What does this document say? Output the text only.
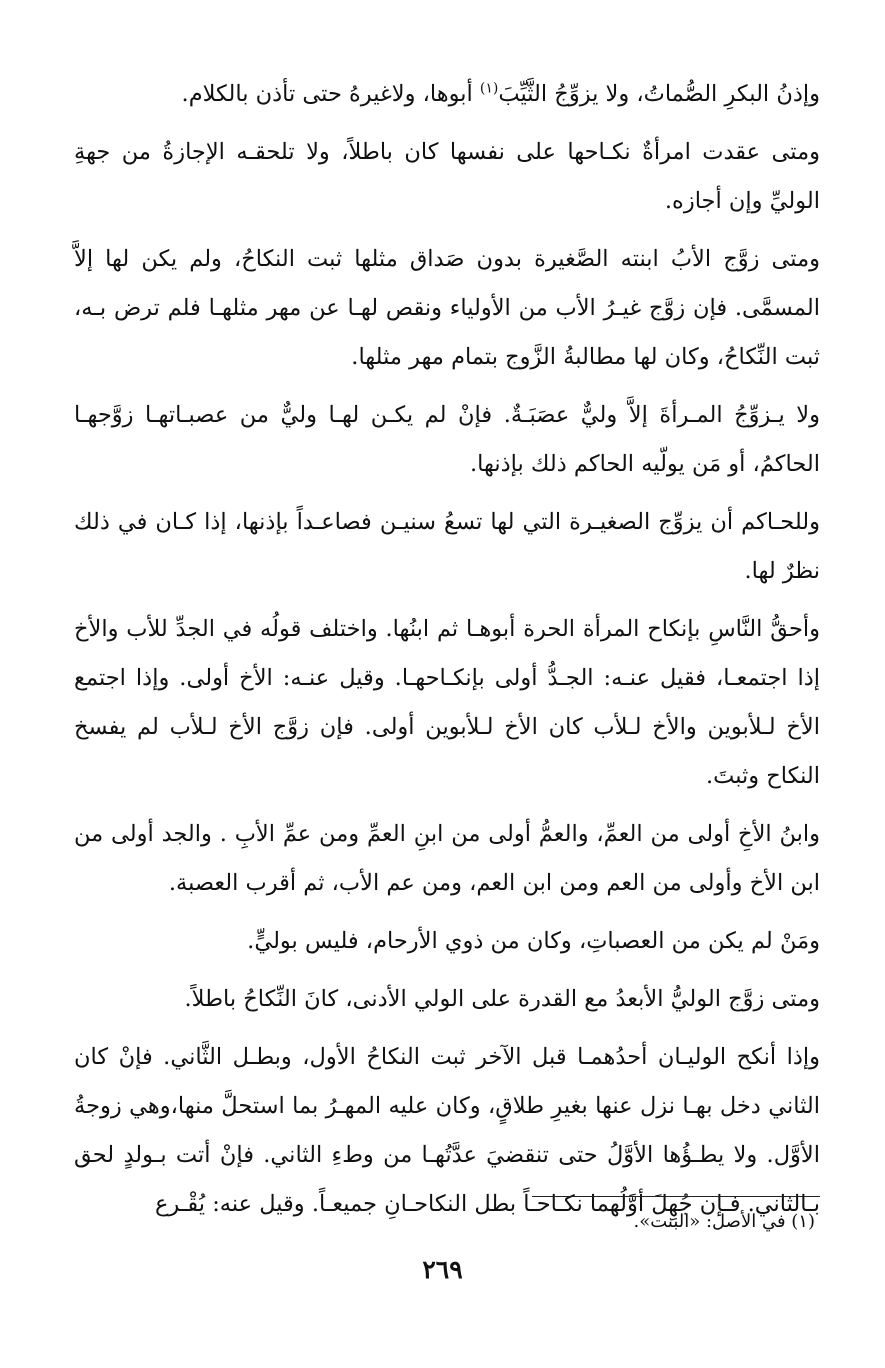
وإذنُ البكرِ الصُّماتُ، ولا يزوِّجُ الثَّيِّبَ$^{(١)}$ أبوها، ولاغيرهُ حتى تأذن بالكلام.

ومتى عقدت امرأةٌ نكـاحها على نفسها كان باطلاً، ولا تلحقـه الإجازةُ من جهةِ الوليِّ وإن أجازه.

ومتى زوَّج الأبُ ابنته الصَّغيرة بدون صَداق مثلها ثبت النكاحُ، ولم يكن لها إلاَّ المسمَّى. فإن زوَّج غيـرُ الأب من الأولياء ونقص لهـا عن مهر مثلهـا فلم ترض بـه، ثبت النِّكاحُ، وكان لها مطالبةُ الزَّوج بتمام مهر مثلها.

ولا يـزوِّجُ المـرأةَ إلاَّ وليٌّ عصَبَـةٌ. فإنْ لم يكـن لهـا وليٌّ من عصبـاتهـا زوَّجهـا الحاكمُ، أو مَن يولّيه الحاكم ذلك بإذنها.

وللحـاكم أن يزوِّج الصغيـرة التي لها تسعُ سنيـن فصاعـداً بإذنها، إذا كـان في ذلك نظرٌ لها.

وأحقُّ النَّاسِ بإنكاح المرأة الحرة أبوهـا ثم ابنُها. واختلف قولُه في الجدِّ للأب والأخ إذا اجتمعـا، فقيل عنـه: الجـدُّ أولى بإنكـاحهـا. وقيل عنـه: الأخ أولى. وإذا اجتمع الأخ لـلأبوين والأخ لـلأب كان الأخ لـلأبوين أولى. فإن زوَّج الأخ لـلأب لم يفسخ النكاح وثبتَ.

وابنُ الأخِ أولى من العمِّ، والعمُّ أولى من ابنِ العمِّ ومن عمِّ الأبِ . والجد أولى من ابن الأخ وأولى من العم ومن ابن العم، ومن عم الأب، ثم أقرب العصبة.

ومَنْ لم يكن من العصباتِ، وكان من ذوي الأرحام، فليس بوليٍّ.

ومتى زوَّج الوليُّ الأبعدُ مع القدرة على الولي الأدنى، كانَ النِّكاحُ باطلاً.

وإذا أنكح الوليـان أحدُهمـا قبل الآخر ثبت النكاحُ الأول، وبطـل الثَّاني. فإنْ كان الثاني دخل بهـا نزل عنها بغيرِ طلاقٍ، وكان عليه المهـرُ بما استحلَّ منها،وهي زوجةُ الأوَّل. ولا يطـؤُها الأوَّلُ حتى تنقضيَ عدَّتُهـا من وطءِ الثاني. فإنْ أتت بـولدٍ لحق بـالثاني. فـإن جُهِلَ أوَّلُهما نكـاحـاً بطل النكاحـانِ جميعـاً. وقيل عنه: يُقْـرع

(١) في الأصل: «البنت».
٢٦٩
